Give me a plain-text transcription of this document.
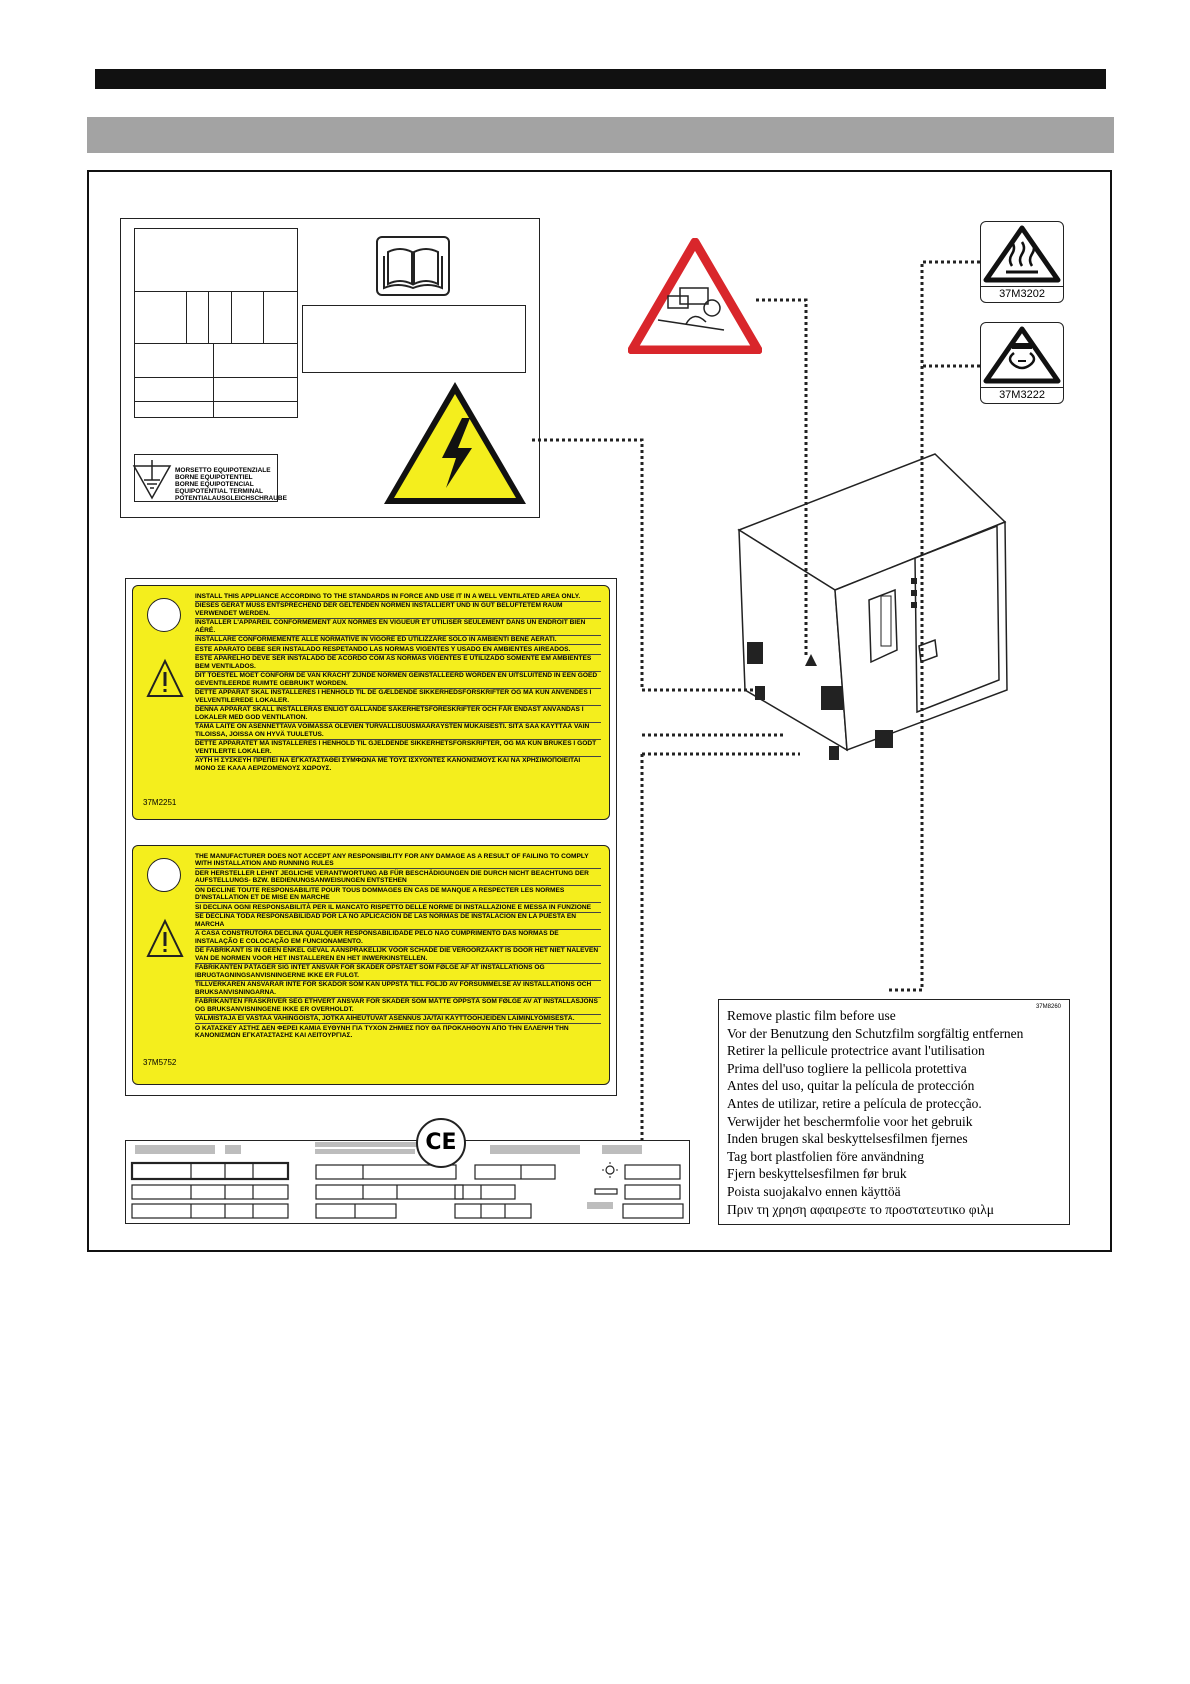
MORSETTO EQUIPOTENZIALE
BORNE EQUIPOTENTIEL
BORNE EQUIPOTENCIAL
EQUIPOTENTIAL TERMINAL
POTENTIALAUSGLEICHSCHRAUBE
37M3202
37M3222
37M2251
INSTALL THIS APPLIANCE ACCORDING TO THE STANDARDS IN FORCE AND USE IT IN A WELL VENTILATED AREA ONLY.
DIESES GERÄT MUSS ENTSPRECHEND DER GELTENDEN NORMEN INSTALLIERT UND IN GUT BELÜFTETEM RAUM VERWENDET WERDEN.
INSTALLER L'APPAREIL CONFORMÉMENT AUX NORMES EN VIGUEUR ET UTILISER SEULEMENT DANS UN ENDROIT BIEN AÉRÉ.
INSTALLARE CONFORMEMENTE ALLE NORMATIVE IN VIGORE ED UTILIZZARE SOLO IN AMBIENTI BENE AERATI.
ESTE APARATO DEBE SER INSTALADO RESPETANDO LAS NORMAS VIGENTES Y USADO EN AMBIENTES AIREADOS.
ESTE APARELHO DEVE SER INSTALADO DE ACORDO COM AS NORMAS VIGENTES E UTILIZADO SOMENTE EM AMBIENTES BEM VENTILADOS.
DIT TOESTEL MOET CONFORM DE VAN KRACHT ZIJNDE NORMEN GEINSTALLEERD WORDEN EN UITSLUITEND IN EEN GOED GEVENTILEERDE RUIMTE GEBRUIKT WORDEN.
DETTE APPARAT SKAL INSTALLERES I HENHOLD TIL DE GÆLDENDE SIKKERHEDSFORSKRIFTER OG MÅ KUN ANVENDES I VELVENTILEREDE LOKALER.
DENNA APPARAT SKALL INSTALLERAS ENLIGT GÄLLANDE SÄKERHETSFÖRESKRIFTER OCH FÅR ENDAST ANVÄNDAS I LOKALER MED GOD VENTILATION.
TÄMÄ LAITE ON ASENNETTAVA VOIMASSA OLEVIEN TURVALLISUUSMÄÄRÄYSTEN MUKAISESTI. SITÄ SAA KÄYTTÄÄ VAIN TILOISSA, JOISSA ON HYVÄ TUULETUS.
DETTE APPARATET MÅ INSTALLERES I HENHOLD TIL GJELDENDE SIKKERHETSFORSKRIFTER, OG MÅ KUN BRUKES I GODT VENTILERTE LOKALER.
ΑΥΤΗ Η ΣΥΣΚΕΥΗ ΠΡΕΠΕΙ ΝΑ ΕΓΚΑΤΑΣΤΑΘΕΙ ΣΥΜΦΩΝΑ ΜΕ ΤΟΥΣ ΙΣΧΥΟΝΤΕΣ ΚΑΝΟΝΙΣΜΟΥΣ ΚΑΙ ΝΑ ΧΡΗΣΙΜΟΠΟΙΕΙΤΑΙ ΜΟΝΟ ΣΕ ΚΑΛΑ ΑΕΡΙΖΟΜΕΝΟΥΣ ΧΩΡΟΥΣ.
37M5752
THE MANUFACTURER DOES NOT ACCEPT ANY RESPONSIBILITY FOR ANY DAMAGE AS A RESULT OF FAILING TO COMPLY WITH INSTALLATION AND RUNNING RULES
DER HERSTELLER LEHNT JEGLICHE VERANTWORTUNG AB FÜR BESCHÄDIGUNGEN DIE DURCH NICHT BEACHTUNG DER AUFSTELLUNGS- BZW. BEDIENUNGSANWEISUNGEN ENTSTEHEN
ON DECLINE TOUTE RESPONSABILITE POUR TOUS DOMMAGES EN CAS DE MANQUE A RESPECTER LES NORMES D'INSTALLATION ET DE MISE EN MARCHE
SI DECLINA OGNI RESPONSABILITÀ PER IL MANCATO RISPETTO DELLE NORME DI INSTALLAZIONE E MESSA IN FUNZIONE
SE DECLINA TODA RESPONSABILIDAD POR LA NO APLICACION DE LAS NORMAS DE INSTALACION EN LA PUESTA EN MARCHA
A CASA CONSTRUTORA DECLINA QUALQUER RESPONSABILIDADE PELO NÃO CUMPRIMENTO DAS NORMAS DE INSTALAÇÃO E COLOCAÇÃO EM FUNCIONAMENTO.
DE FABRIKANT IS IN GEEN ENKEL GEVAL AANSPRAKELIJK VOOR SCHADE DIE VEROORZAAKT IS DOOR HET NIET NALEVEN VAN DE NORMEN VOOR HET INSTALLEREN EN HET INWERKINSTELLEN.
FABRIKANTEN PÅTAGER SIG INTET ANSVAR FOR SKADER OPSTÅET SOM FØLGE AF AT INSTALLATIONS OG IBRUGTAGNINGSANVISNINGERNE IKKE ER FULGT.
TILLVERKAREN ANSVARAR INTE FÖR SKADOR SOM KAN UPPSTÅ TILL FÖLJD AV FÖRSUMMELSE AV INSTALLATIONS OCH BRUKSANVISNINGARNA.
FABRIKANTEN FRASKRIVER SEG ETHVERT ANSVAR FOR SKADER SOM MÅTTE OPPSTÅ SOM FØLGE AV AT INSTALLASJONS OG BRUKSANVISNINGENE IKKE ER OVERHOLDT.
VALMISTAJA EI VASTAA VAHINGOISTA, JOTKA AIHEUTUVAT ASENNUS JA/TAI KÄYTTÖOHJEIDEN LAIMINLYÖMISESTÄ.
Ο ΚΑΤΑΣΚΕΥ ΑΣΤΗΣ ΔΕΝ ΦΕΡΕΙ ΚΑΜΙΑ ΕΥΘΥΝΗ ΓΙΑ ΤΥΧΟΝ ΖΗΜΙΕΣ ΠΟΥ ΘΑ ΠΡΟΚΛΗΘΟΥΝ ΑΠΟ ΤΗΝ ΕΛΛΕΙΨΗ ΤΗΝ ΚΑΝΟΝΙΣΜΩΝ ΕΓΚΑΤΑΣΤΑΣΗΣ ΚΑΙ ΛΕΙΤΟΥΡΓΙΑΣ.
37M8260
Remove plastic film before use
Vor der Benutzung den Schutzfilm sorgfältig entfernen
Retirer la pellicule protectrice avant l'utilisation
Prima dell'uso togliere la pellicola protettiva
Antes del uso, quitar la película de protección
Antes de utilizar, retire a película de protecção.
Verwijder het beschermfolie voor het gebruik
Inden brugen skal beskyttelsesfilmen fjernes
Tag bort plastfolien före användning
Fjern beskyttelsesfilmen før bruk
Poista suojakalvo ennen käyttöä
Πριν τη χρηση αφαιρεστε το προστατευτικο φιλμ
CE
